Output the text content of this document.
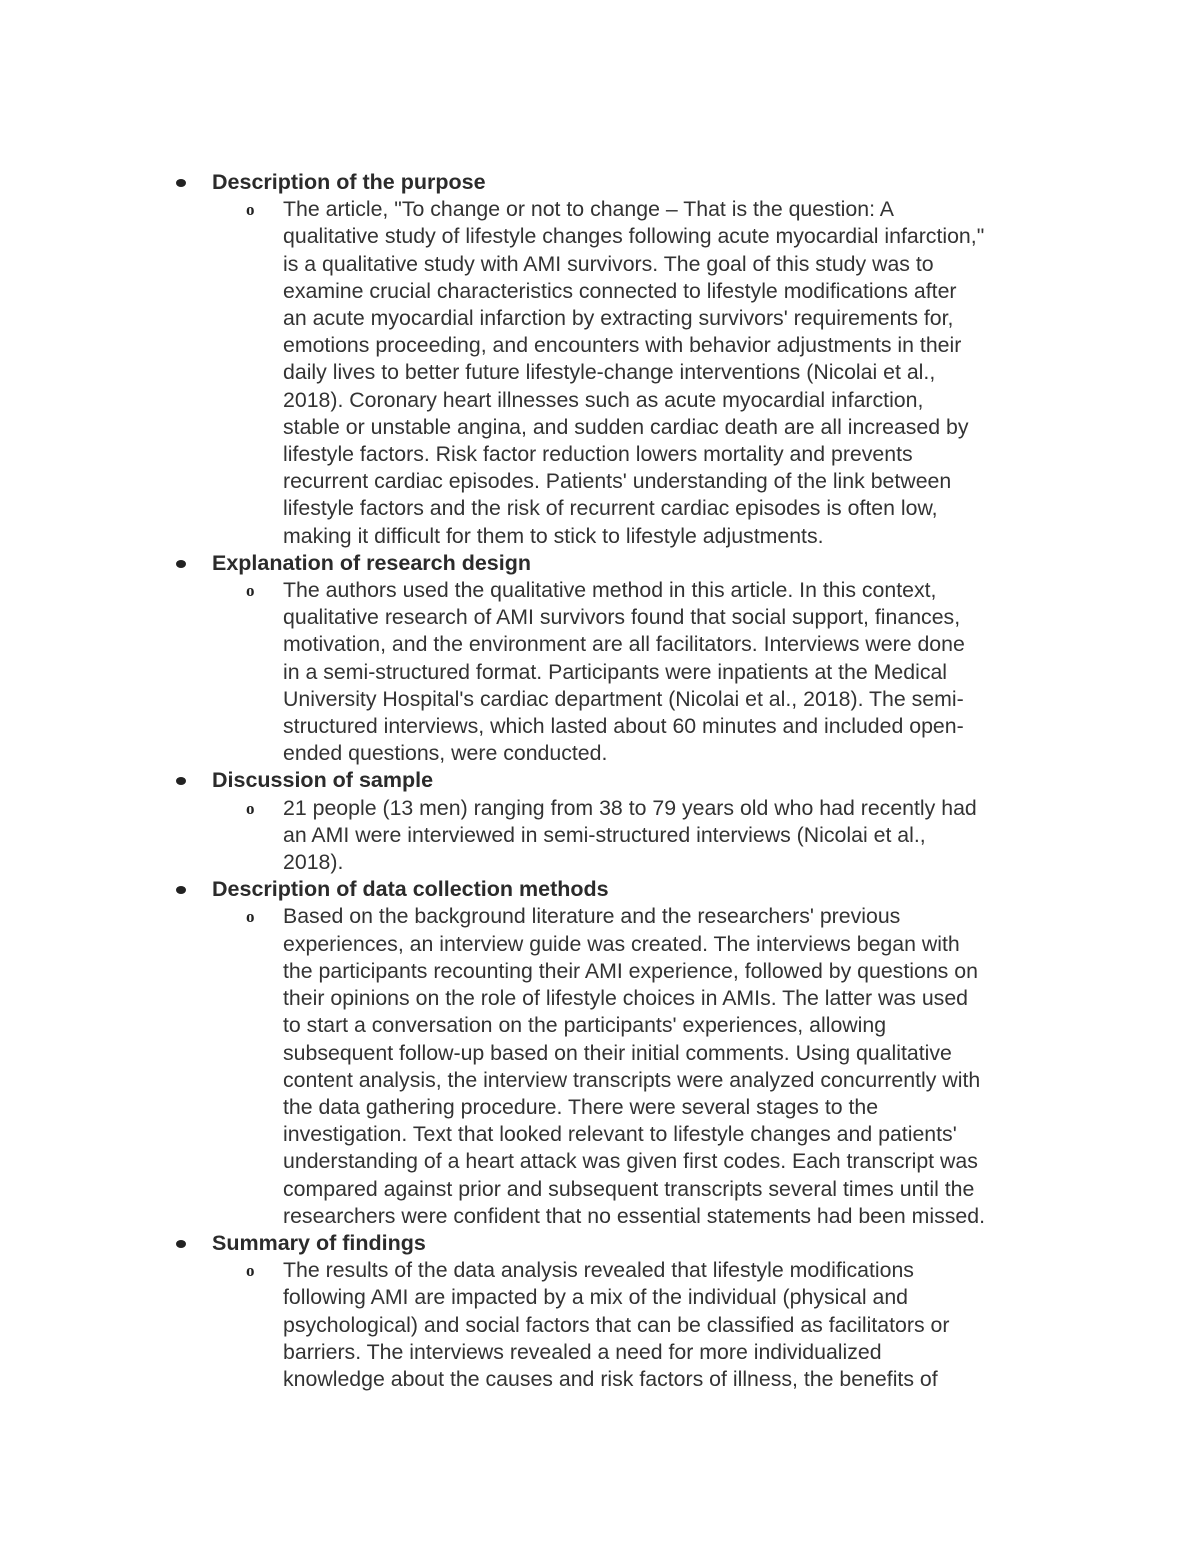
Description of the purpose
o The article, "To change or not to change – That is the question: A
qualitative study of lifestyle changes following acute myocardial infarction,"
is a qualitative study with AMI survivors. The goal of this study was to
examine crucial characteristics connected to lifestyle modifications after
an acute myocardial infarction by extracting survivors' requirements for,
emotions proceeding, and encounters with behavior adjustments in their
daily lives to better future lifestyle-change interventions (Nicolai et al.,
2018). Coronary heart illnesses such as acute myocardial infarction,
stable or unstable angina, and sudden cardiac death are all increased by
lifestyle factors. Risk factor reduction lowers mortality and prevents
recurrent cardiac episodes. Patients' understanding of the link between
lifestyle factors and the risk of recurrent cardiac episodes is often low,
making it difficult for them to stick to lifestyle adjustments.

Explanation of research design
o The authors used the qualitative method in this article. In this context,
qualitative research of AMI survivors found that social support, finances,
motivation, and the environment are all facilitators. Interviews were done
in a semi-structured format. Participants were inpatients at the Medical
University Hospital's cardiac department (Nicolai et al., 2018). The semi-
structured interviews, which lasted about 60 minutes and included open-
ended questions, were conducted.

Discussion of sample
o 21 people (13 men) ranging from 38 to 79 years old who had recently had
an AMI were interviewed in semi-structured interviews (Nicolai et al.,
2018).

Description of data collection methods
o Based on the background literature and the researchers' previous
experiences, an interview guide was created. The interviews began with
the participants recounting their AMI experience, followed by questions on
their opinions on the role of lifestyle choices in AMIs. The latter was used
to start a conversation on the participants' experiences, allowing
subsequent follow-up based on their initial comments. Using qualitative
content analysis, the interview transcripts were analyzed concurrently with
the data gathering procedure. There were several stages to the
investigation. Text that looked relevant to lifestyle changes and patients'
understanding of a heart attack was given first codes. Each transcript was
compared against prior and subsequent transcripts several times until the
researchers were confident that no essential statements had been missed.

Summary of findings
o The results of the data analysis revealed that lifestyle modifications
following AMI are impacted by a mix of the individual (physical and
psychological) and social factors that can be classified as facilitators or
barriers. The interviews revealed a need for more individualized
knowledge about the causes and risk factors of illness, the benefits of
